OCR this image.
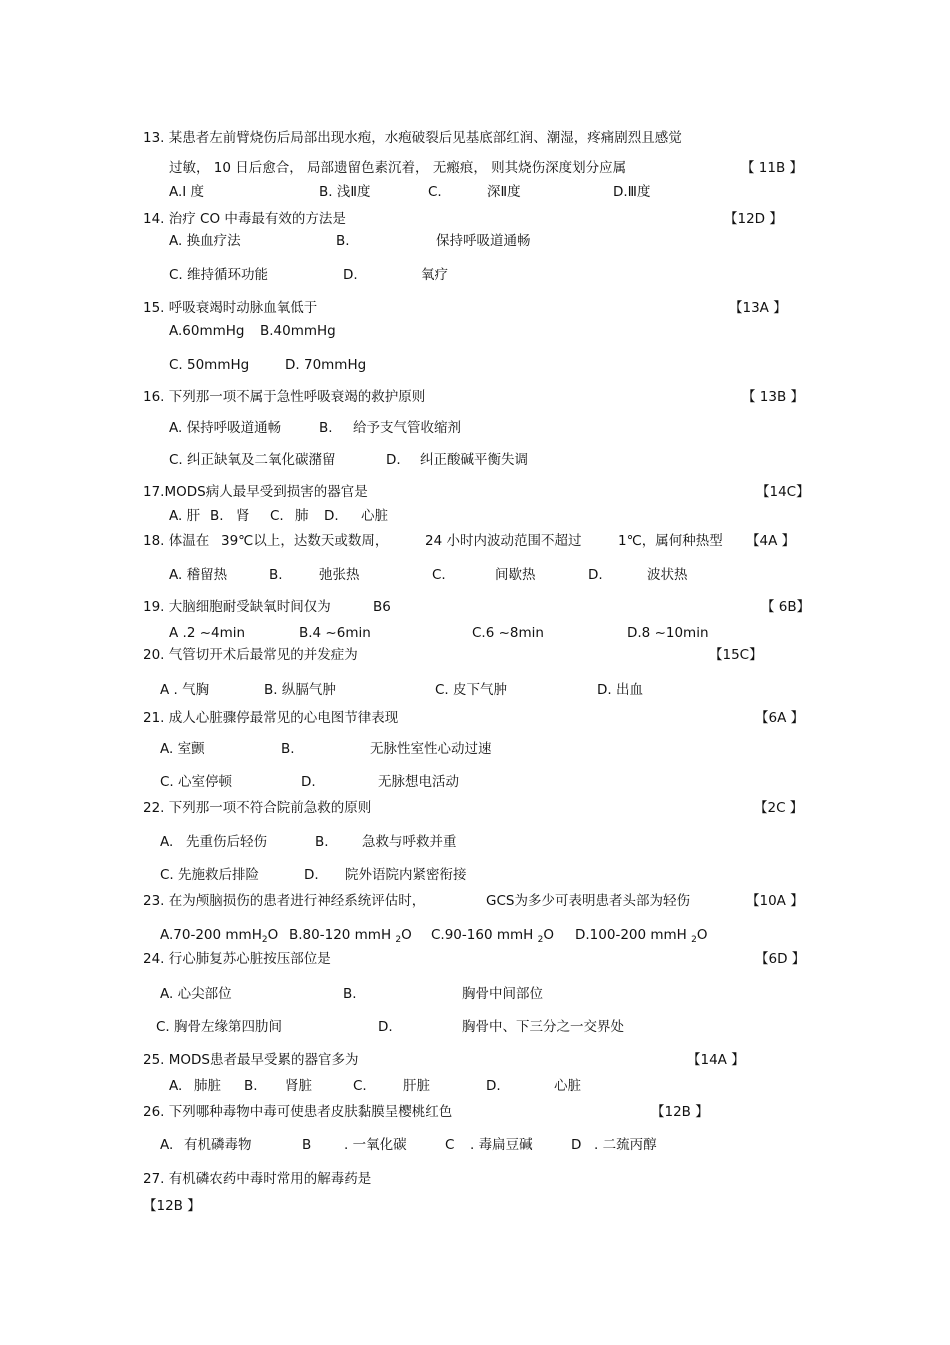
13. 某患者左前臂烧伤后局部出现水疱，水疱破裂后见基底部红润、潮湿，疼痛剧烈且感觉
过敏， 10 日后愈合， 局部遗留色素沉着， 无瘢痕， 则其烧伤深度划分应属	【 11B 】
A.I 度	B. 浅Ⅱ度	C.	深Ⅱ度	D.Ⅲ度
14. 治疗 CO 中毒最有效的方法是	【12D 】
A. 换血疗法	B.	保持呼吸道通畅
C. 维持循环功能	D.	氧疗
15. 呼吸衰竭时动脉血氧低于	【13A 】
A.60mmHg B.40mmHg
C. 50mmHg	D. 70mmHg
16. 下列那一项不属于急性呼吸衰竭的救护原则	【 13B 】
A. 保持呼吸道通畅	B. 给予支气管收缩剂
C. 纠正缺氧及二氧化碳潴留	D. 纠正酸碱平衡失调
17.MODS病人最早受到损害的器官是	【14C】
A. 肝 B. 肾 C. 肺 D. 心脏
18. 体温在 39℃以上，达数天或数周，	24 小时内波动范围不超过	1℃，属何种热型 【4A 】
A. 稽留热	B.	弛张热	C.	间歇热	D.	波状热
19. 大脑细胞耐受缺氧时间仅为	B6	【 6B】
A .2 ~4min	B.4 ~6min	C.6 ~8min	D.8 ~10min
20. 气管切开术后最常见的并发症为	【15C】
A . 气胸	B. 纵膈气肿	C. 皮下气肿	D. 出血
21. 成人心脏骤停最常见的心电图节律表现	【6A 】
A. 室颤	B.	无脉性室性心动过速
C. 心室停顿	D.	无脉想电活动
22. 下列那一项不符合院前急救的原则	【2C 】
A. 先重伤后轻伤	B. 急救与呼救并重
C. 先施救后排险	D. 院外语院内紧密衔接
23. 在为颅脑损伤的患者进行神经系统评估时，	GCS为多少可表明患者头部为轻伤	【10A 】
A.70-200 mmH$_2$O B.80-120 mmH $_2$O C.90-160 mmH $_2$O D.100-200 mmH $_2$O
24. 行心肺复苏心脏按压部位是	【6D 】
A. 心尖部位	B.	胸骨中间部位
C. 胸骨左缘第四肋间	D.	胸骨中、下三分之一交界处
25. MODS患者最早受累的器官多为	【14A 】
A. 肺脏 B. 肾脏	C.	肝脏	D.	心脏
26. 下列哪种毒物中毒可使患者皮肤黏膜呈樱桃红色	【12B 】
A. 有机磷毒物	B . 一氧化碳	C . 毒扁豆碱	D . 二巯丙醇
27. 有机磷农药中毒时常用的解毒药是
【12B 】
